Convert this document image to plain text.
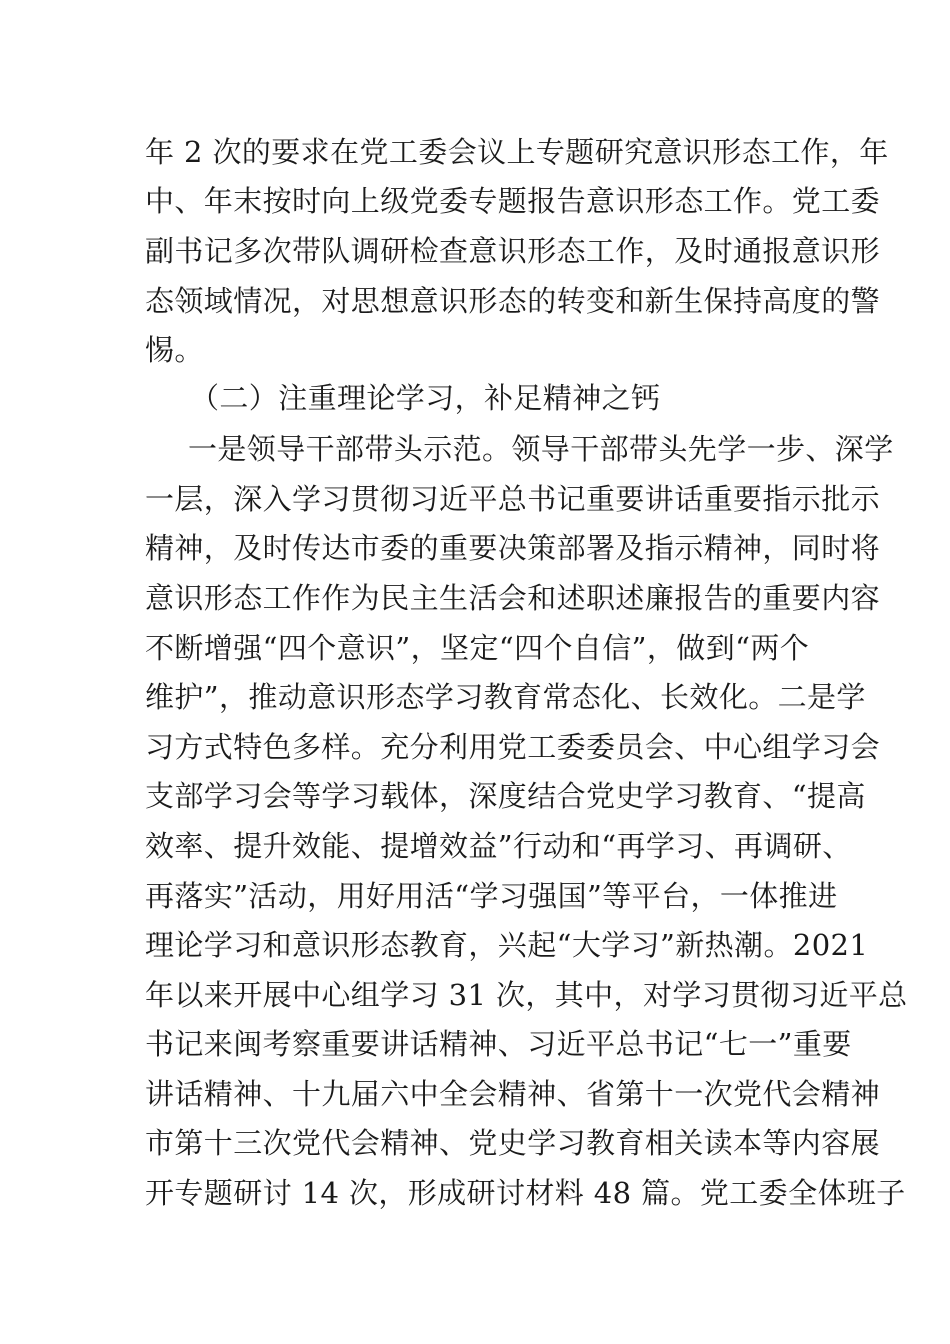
年 2 次的要求在党工委会议上专题研究意识形态工作，年
中、年末按时向上级党委专题报告意识形态工作。党工委
副书记多次带队调研检查意识形态工作，及时通报意识形
态领域情况，对思想意识形态的转变和新生保持高度的警
惕。
（二）注重理论学习，补足精神之钙
一是领导干部带头示范。领导干部带头先学一步、深学
一层，深入学习贯彻习近平总书记重要讲话重要指示批示
精神，及时传达市委的重要决策部署及指示精神，同时将
意识形态工作作为民主生活会和述职述廉报告的重要内容
不断增强“四个意识”，坚定“四个自信”，做到“两个
维护”，推动意识形态学习教育常态化、长效化。二是学
习方式特色多样。充分利用党工委委员会、中心组学习会
支部学习会等学习载体，深度结合党史学习教育、“提高
效率、提升效能、提增效益”行动和“再学习、再调研、
再落实”活动，用好用活“学习强国”等平台，一体推进
理论学习和意识形态教育，兴起“大学习”新热潮。2021
年以来开展中心组学习 31 次，其中，对学习贯彻习近平总
书记来闽考察重要讲话精神、习近平总书记“七一”重要
讲话精神、十九届六中全会精神、省第十一次党代会精神
市第十三次党代会精神、党史学习教育相关读本等内容展
开专题研讨 14 次，形成研讨材料 48 篇。党工委全体班子
